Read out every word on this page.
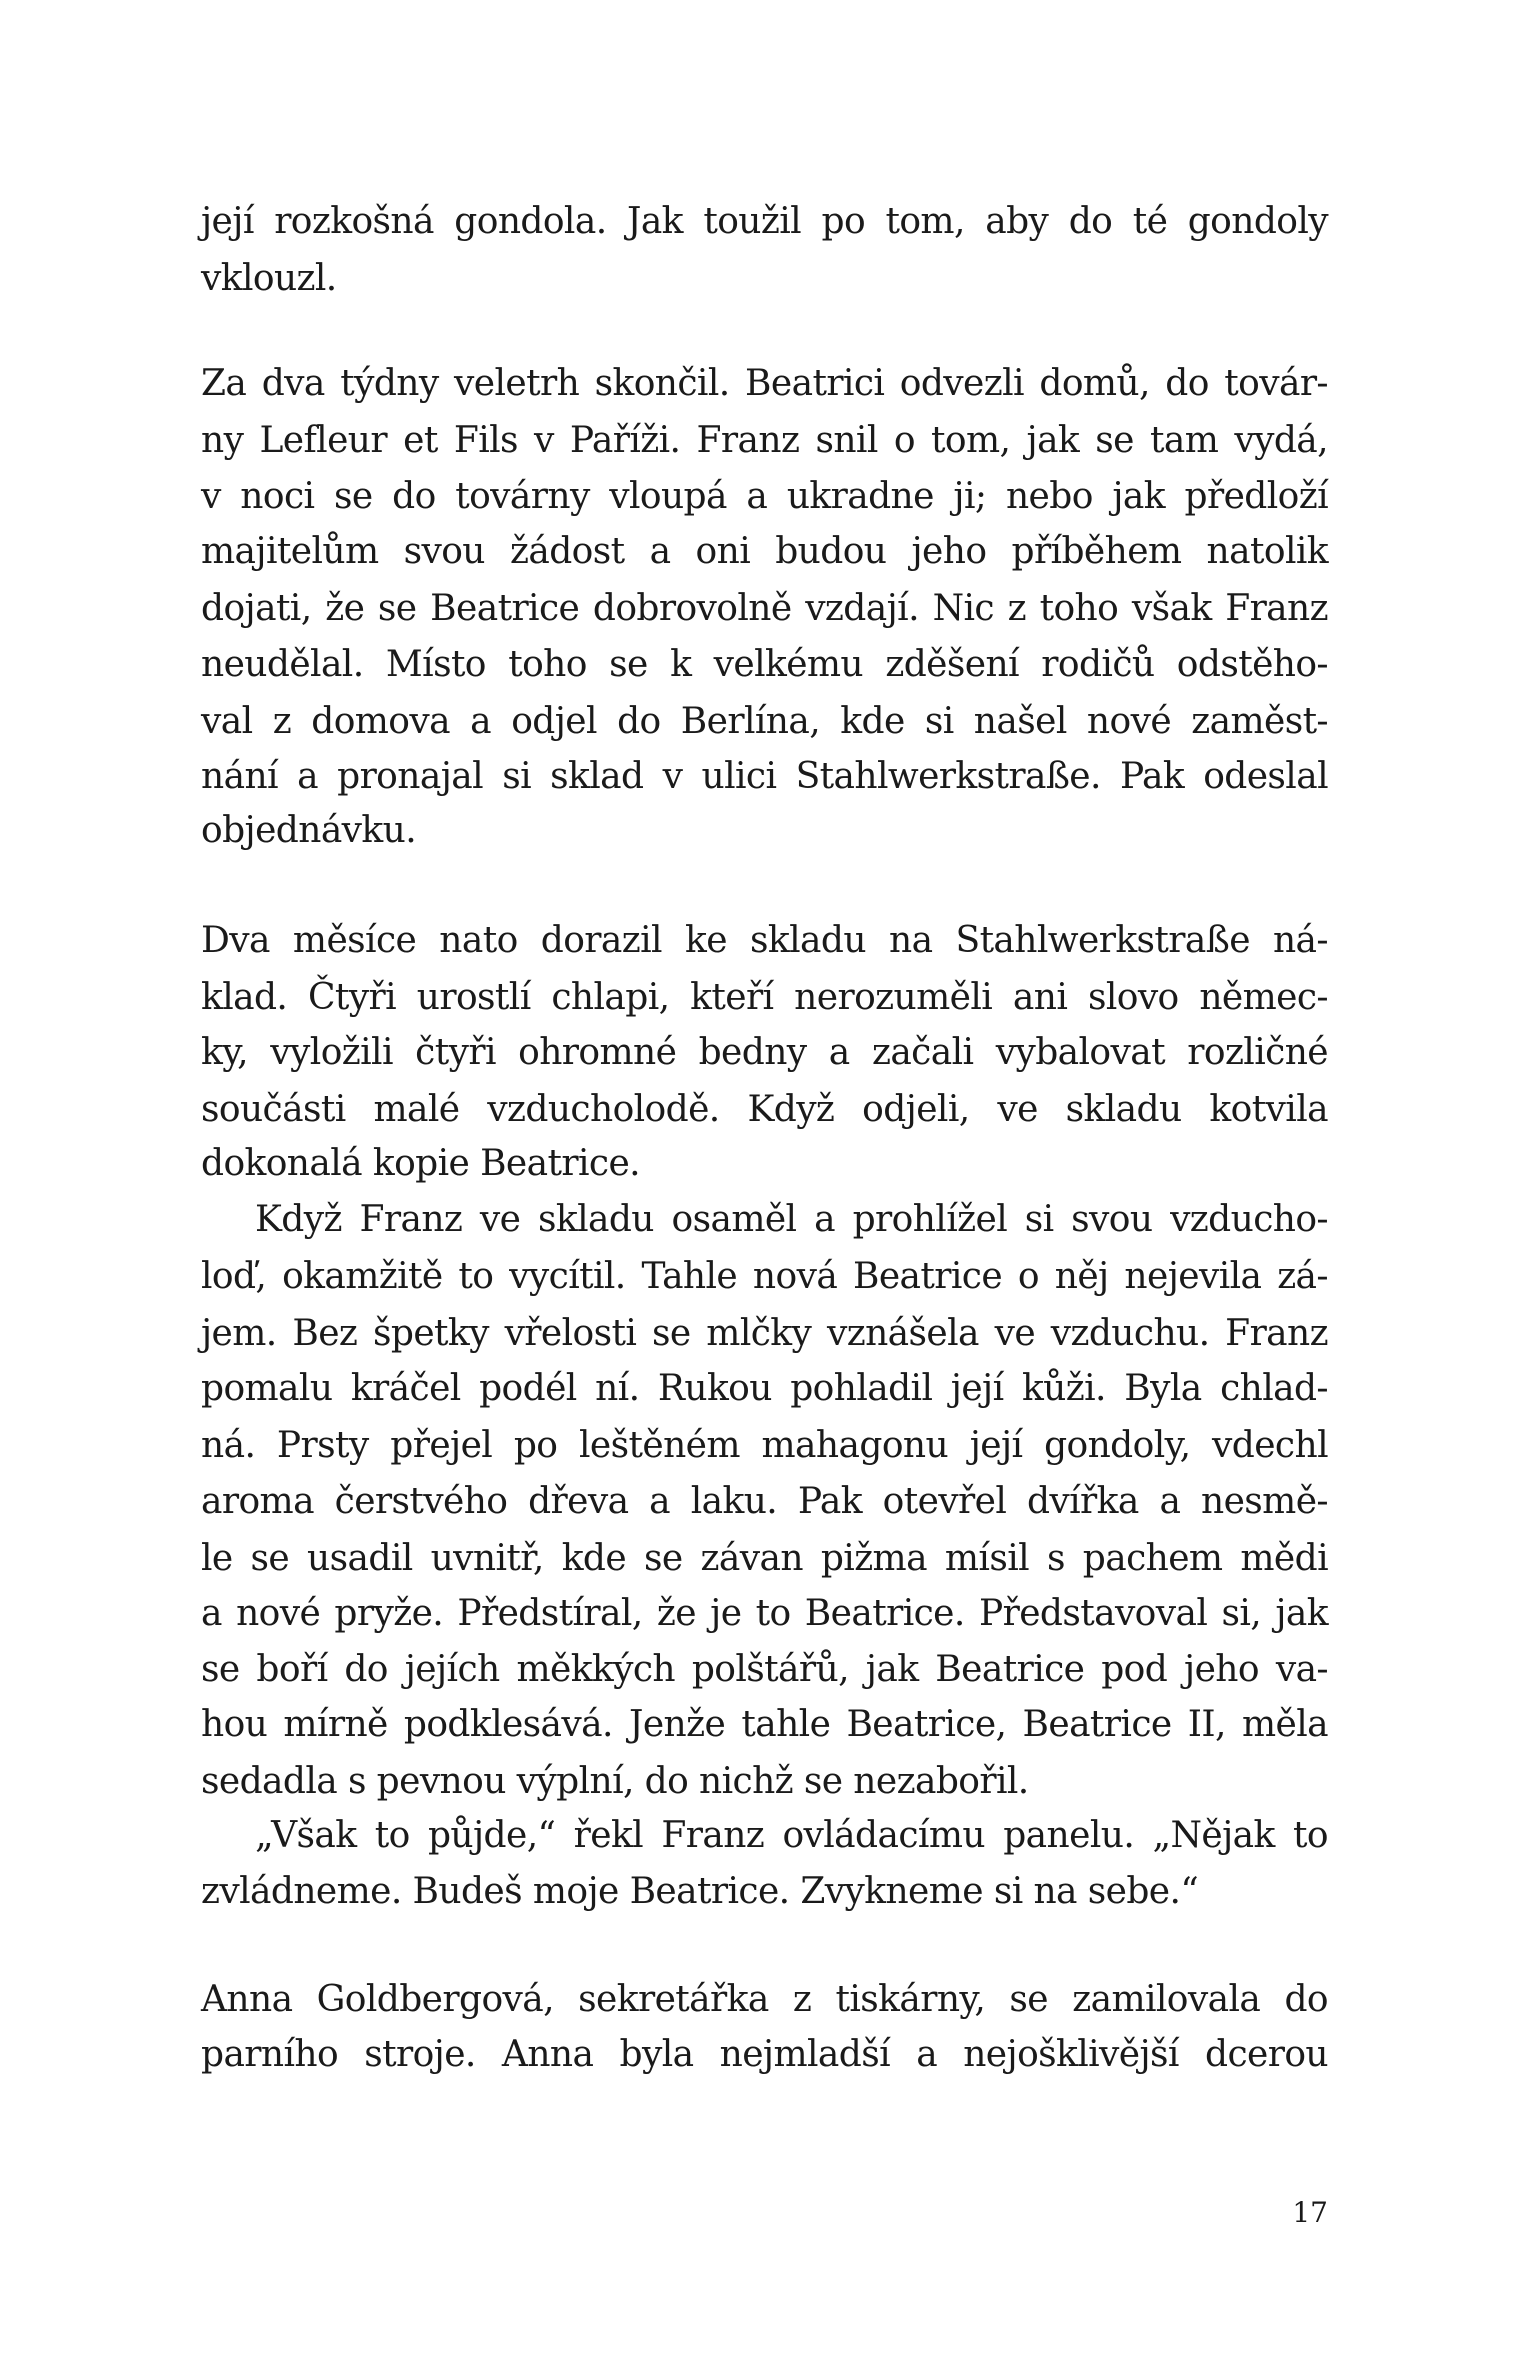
její rozkošná gondola. Jak toužil po tom, aby do té gondoly
vklouzl.
Za dva týdny veletrh skončil. Beatrici odvezli domů, do továr-
ny Lefleur et Fils v Paříži. Franz snil o tom, jak se tam vydá,
v noci se do továrny vloupá a ukradne ji; nebo jak předloží
majitelům svou žádost a oni budou jeho příběhem natolik
dojati, že se Beatrice dobrovolně vzdají. Nic z toho však Franz
neudělal. Místo toho se k velkému zděšení rodičů odstěho-
val z domova a odjel do Berlína, kde si našel nové zaměst-
nání a pronajal si sklad v ulici Stahlwerkstraße. Pak odeslal
objednávku.
Dva měsíce nato dorazil ke skladu na Stahlwerkstraße ná-
klad. Čtyři urostlí chlapi, kteří nerozuměli ani slovo němec-
ky, vyložili čtyři ohromné bedny a začali vybalovat rozličné
součásti malé vzducholodě. Když odjeli, ve skladu kotvila
dokonalá kopie Beatrice.
Když Franz ve skladu osaměl a prohlížel si svou vzducho-
loď, okamžitě to vycítil. Tahle nová Beatrice o něj nejevila zá-
jem. Bez špetky vřelosti se mlčky vznášela ve vzduchu. Franz
pomalu kráčel podél ní. Rukou pohladil její kůži. Byla chlad-
ná. Prsty přejel po leštěném mahagonu její gondoly, vdechl
aroma čerstvého dřeva a laku. Pak otevřel dvířka a nesmě-
le se usadil uvnitř, kde se závan pižma mísil s pachem mědi
a nové pryže. Předstíral, že je to Beatrice. Představoval si, jak
se boří do jejích měkkých polštářů, jak Beatrice pod jeho va-
hou mírně podklesává. Jenže tahle Beatrice, Beatrice II, měla
sedadla s pevnou výplní, do nichž se nezabořil.
„Však to půjde,“ řekl Franz ovládacímu panelu. „Nějak to
zvládneme. Budeš moje Beatrice. Zvykneme si na sebe.“
Anna Goldbergová, sekretářka z tiskárny, se zamilovala do
parního stroje. Anna byla nejmladší a nejošklivější dcerou
17
